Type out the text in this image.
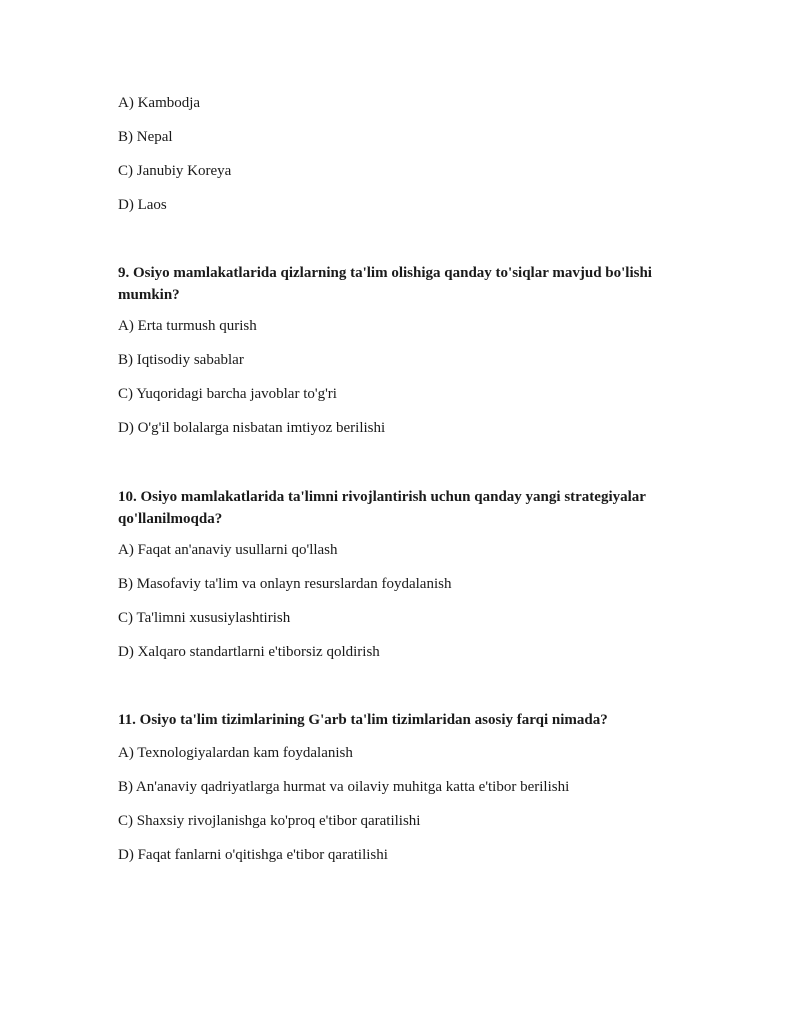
A) Kambodja
B) Nepal
C) Janubiy Koreya
D) Laos
9. Osiyo mamlakatlarida qizlarning ta'lim olishiga qanday to'siqlar mavjud bo'lishi mumkin?
A) Erta turmush qurish
B) Iqtisodiy sabablar
C) Yuqoridagi barcha javoblar to'g'ri
D) O'g'il bolalarga nisbatan imtiyoz berilishi
10. Osiyo mamlakatlarida ta'limni rivojlantirish uchun qanday yangi strategiyalar qo'llanilmoqda?
A) Faqat an'anaviy usullarni qo'llash
B) Masofaviy ta'lim va onlayn resurslardan foydalanish
C) Ta'limni xususiylashtirish
D) Xalqaro standartlarni e'tiborsiz qoldirish
11. Osiyo ta'lim tizimlarining G'arb ta'lim tizimlaridan asosiy farqi nimada?
A) Texnologiyalardan kam foydalanish
B) An'anaviy qadriyatlarga hurmat va oilaviy muhitga katta e'tibor berilishi
C) Shaxsiy rivojlanishga ko'proq e'tibor qaratilishi
D) Faqat fanlarni o'qitishga e'tibor qaratilishi
